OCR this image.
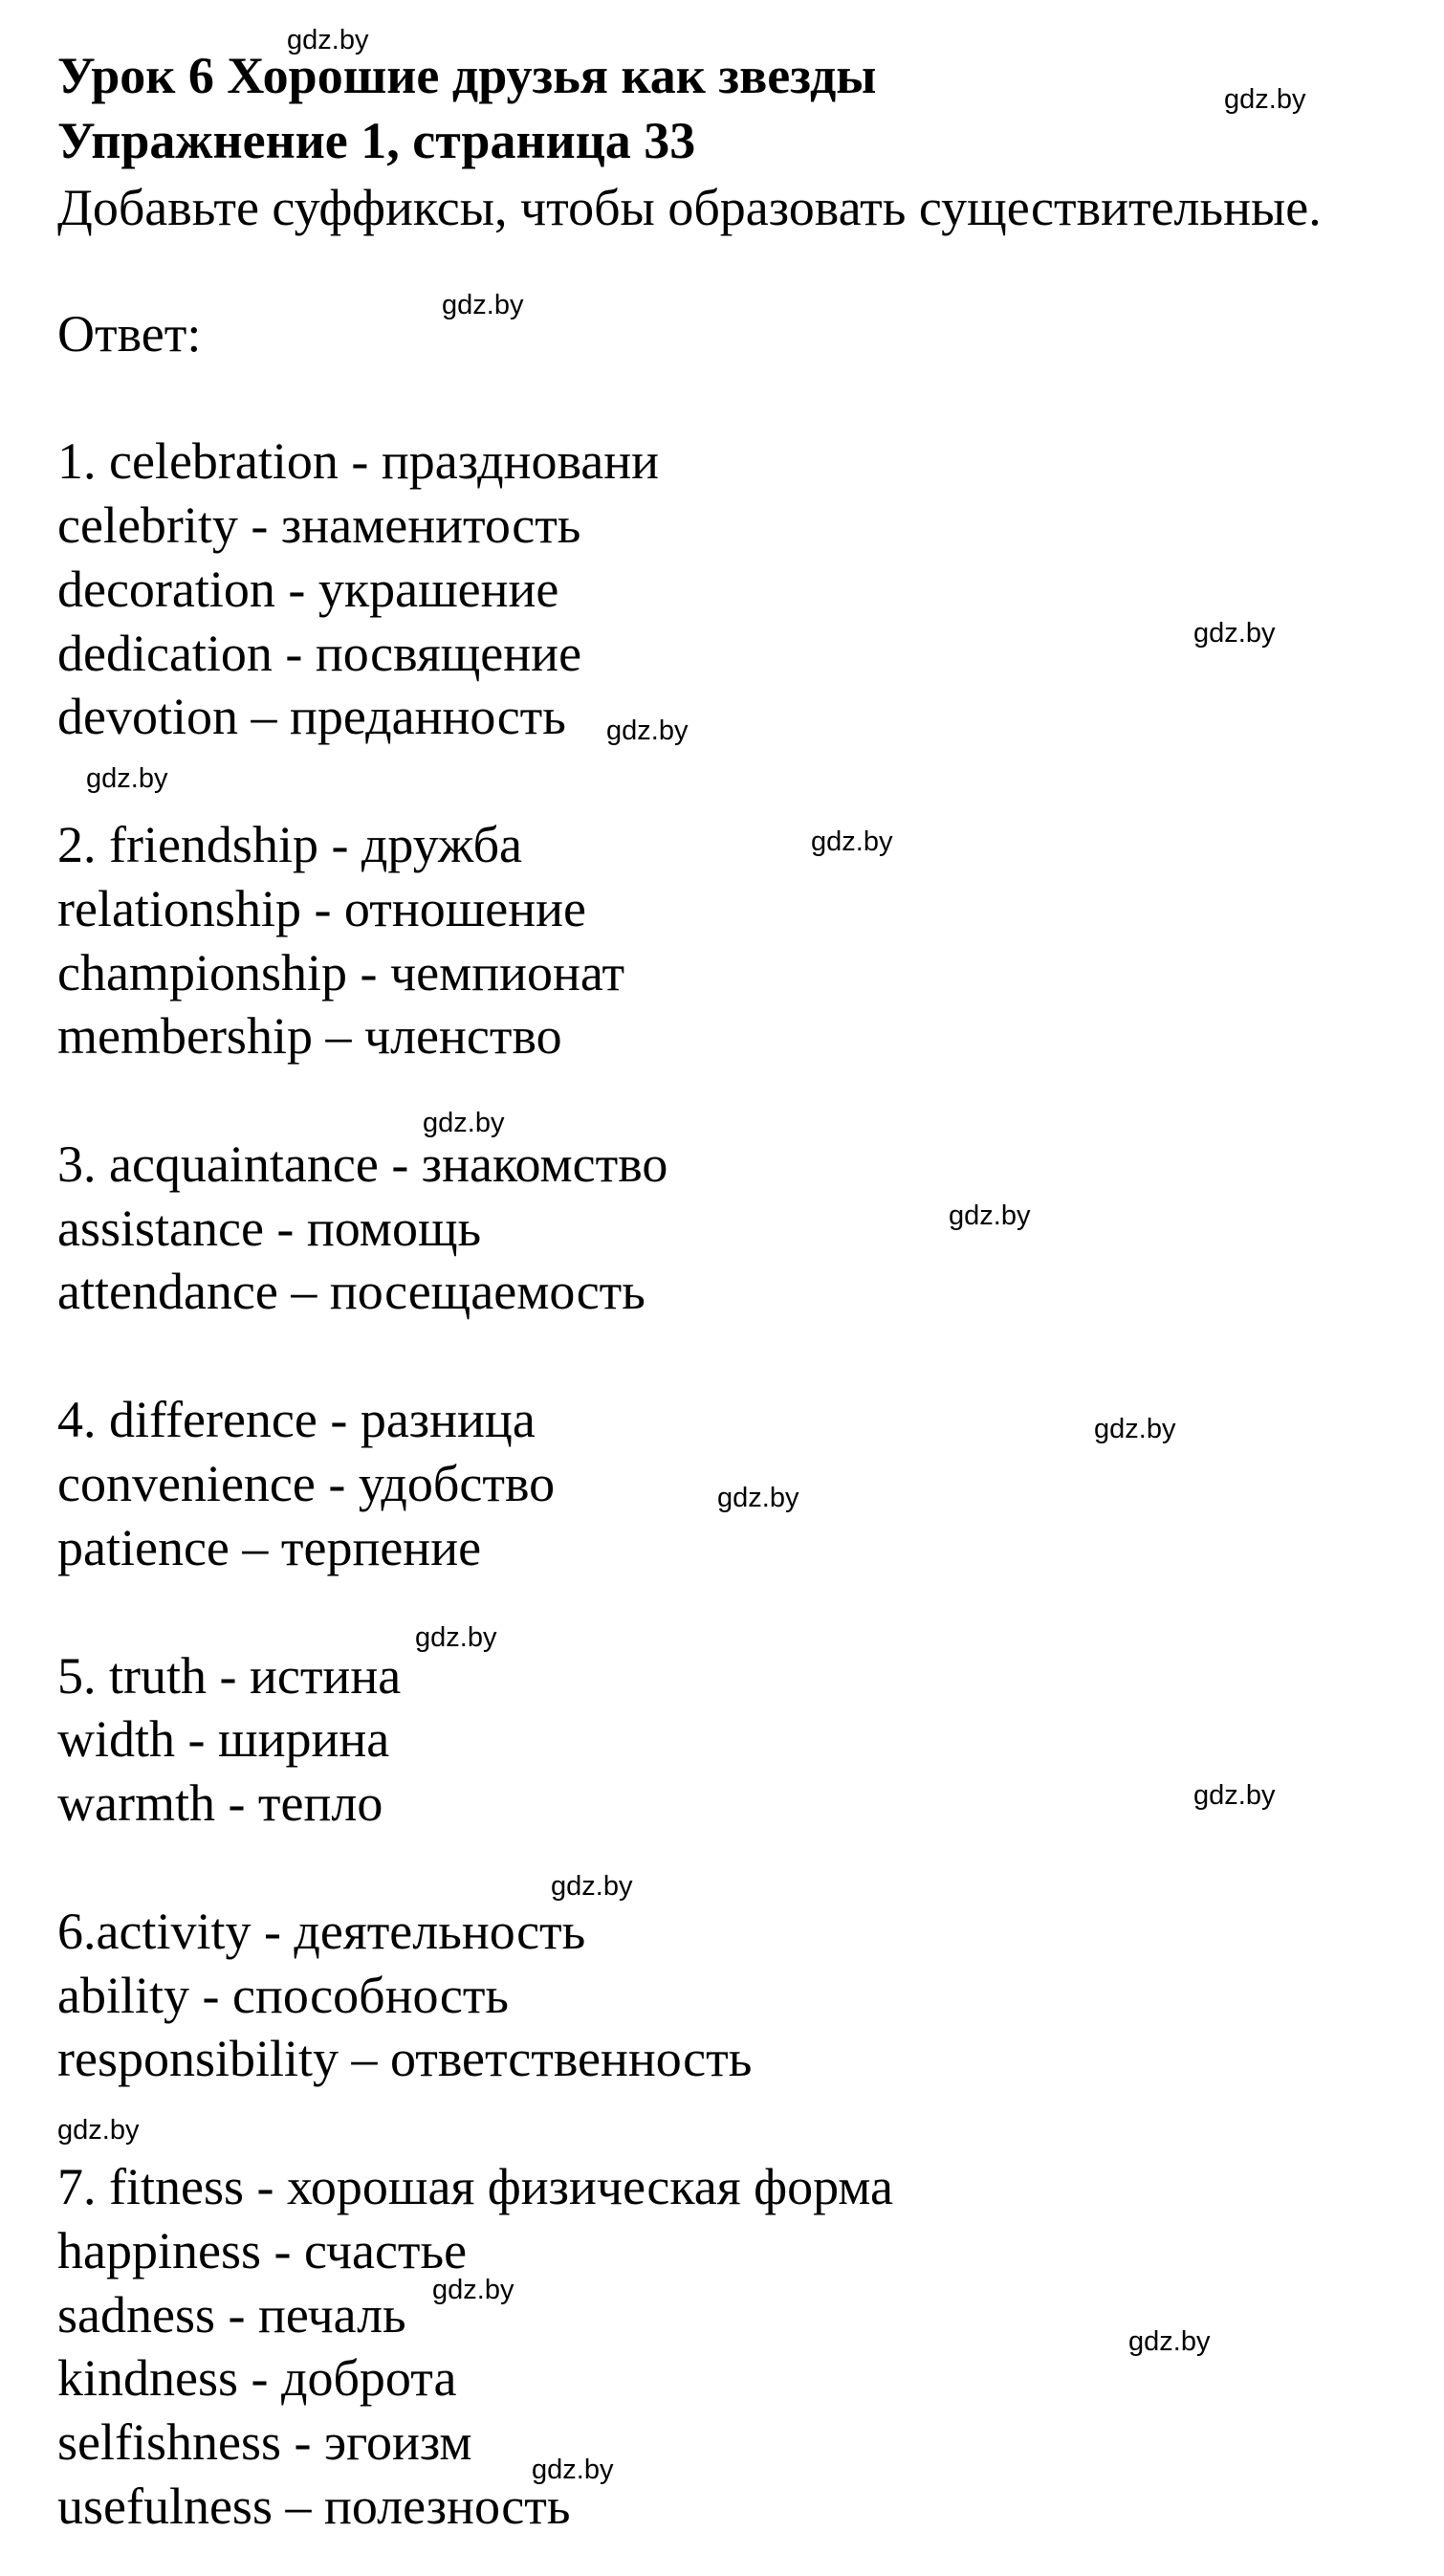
Урок 6 Хорошие друзья как звезды
Упражнение 1, страница 33
Добавьте суффиксы, чтобы образовать существительные.
Ответ:
1. celebration - праздновани
celebrity - знаменитость
decoration - украшение
dedication - посвящение
devotion – преданность
2. friendship - дружба
relationship - отношение
championship - чемпионат
membership – членство
3. acquaintance - знакомство
assistance - помощь
attendance – посещаемость
4. difference - разница
convenience - удобство
patience – терпение
5. truth - истина
width - ширина
warmth - тепло
6.activity - деятельность
ability - способность
responsibility – ответственность
7. fitness - хорошая физическая форма
happiness - счастье
sadness - печаль
kindness - доброта
selfishness - эгоизм
usefulness – полезность
gdz.by
gdz.by
gdz.by
gdz.by
gdz.by
gdz.by
gdz.by
gdz.by
gdz.by
gdz.by
gdz.by
gdz.by
gdz.by
gdz.by
gdz.by
gdz.by
gdz.by
gdz.by
